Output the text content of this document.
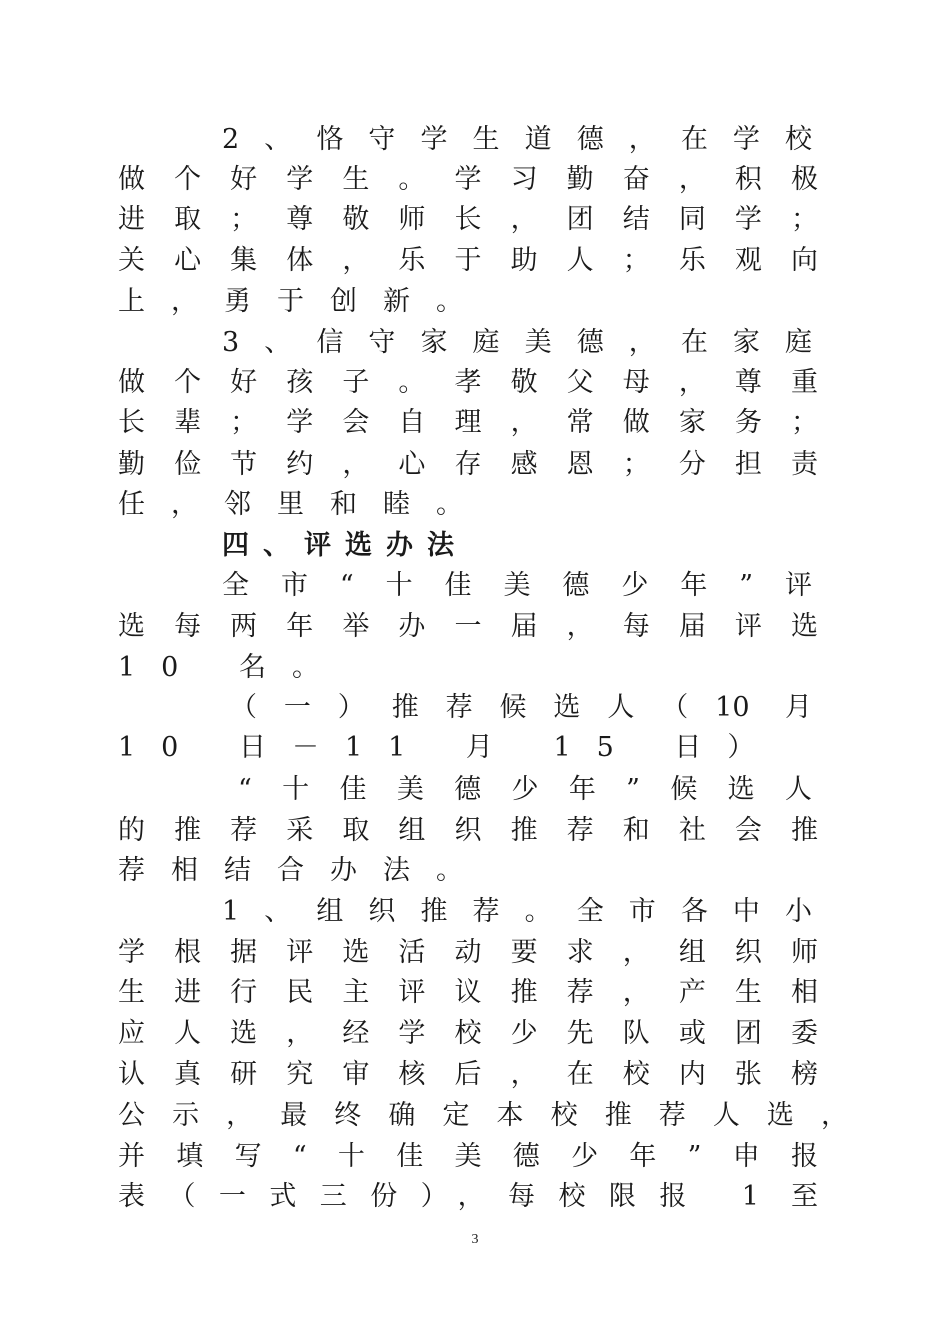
2、恪守学生道德，在学校
做个好学生。学习勤奋，积极
进取；尊敬师长，团结同学；
关心集体，乐于助人；乐观向
上，勇于创新。
3、信守家庭美德，在家庭
做个好孩子。孝敬父母，尊重
长辈；学会自理，常做家务；
勤俭节约，心存感恩；分担责
任，邻里和睦。
四、评选办法
全市“十佳美德少年”评
选每两年举办一届，每届评选
10 名。
（一）推荐候选人（10 月
10 日－11 月 15 日）
“十佳美德少年”候选人
的推荐采取组织推荐和社会推
荐相结合办法。
1、组织推荐。全市各中小
学根据评选活动要求，组织师
生进行民主评议推荐，产生相
应人选，经学校少先队或团委
认真研究审核后，在校内张榜
公示，最终确定本校推荐人选，
并填写“十佳美德少年”申报
表（一式三份），每校限报 1 至
3
